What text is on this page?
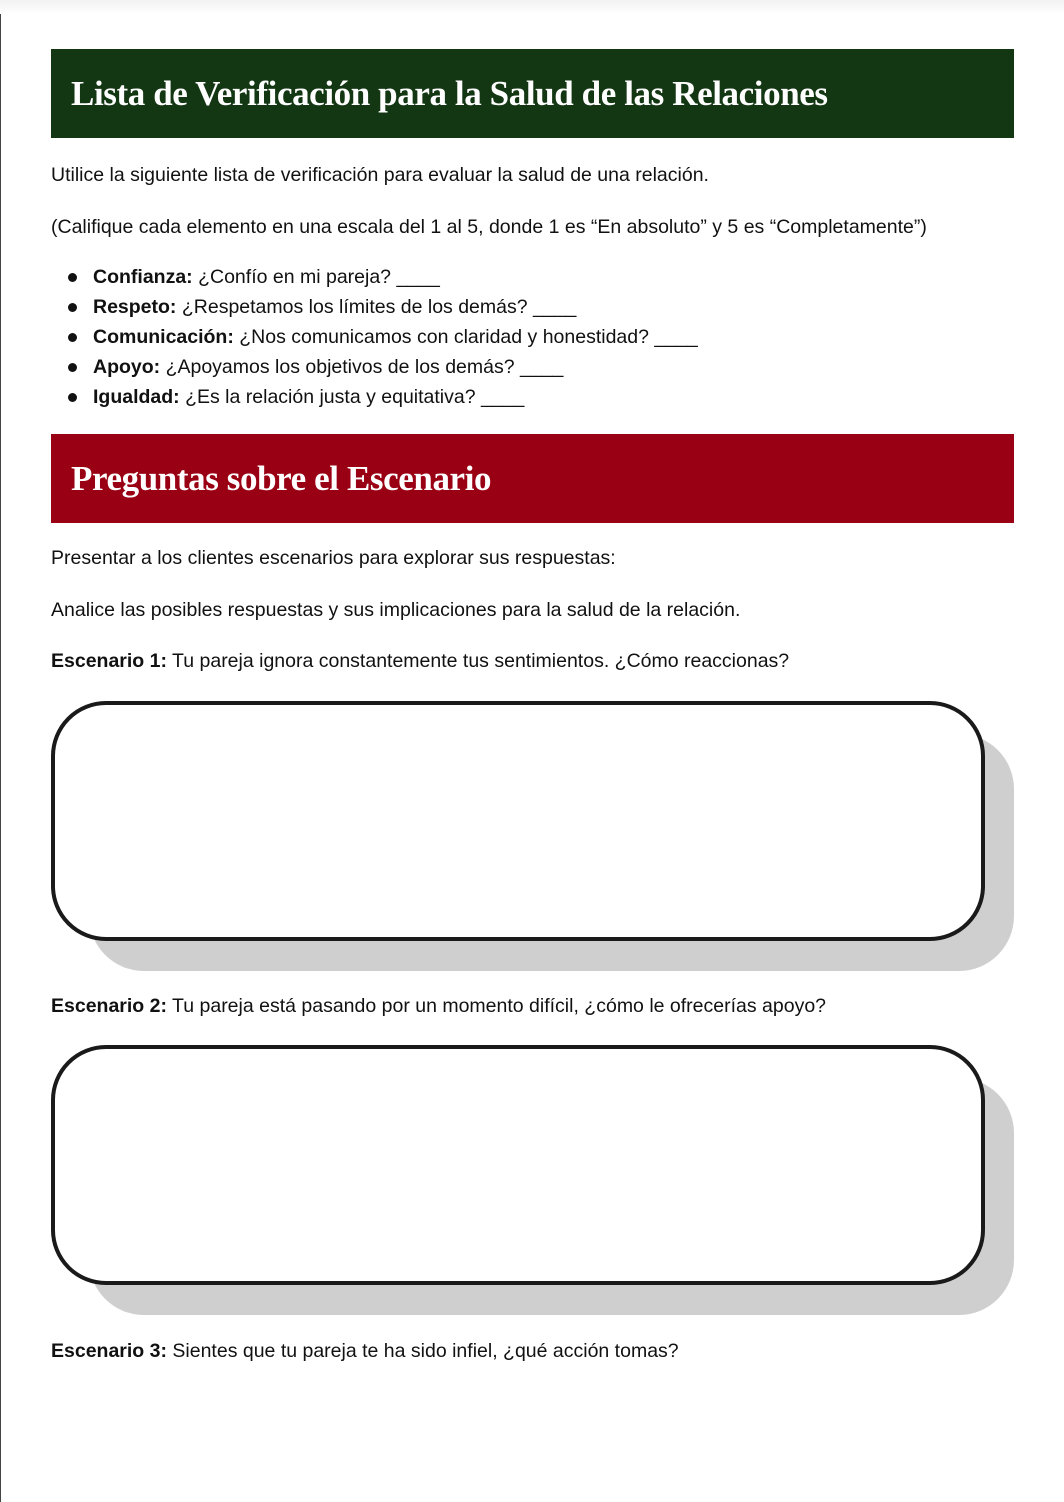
Lista de Verificación para la Salud de las Relaciones

Utilice la siguiente lista de verificación para evaluar la salud de una relación.

(Califique cada elemento en una escala del 1 al 5, donde 1 es “En absoluto” y 5 es “Completamente”)

Confianza: ¿Confío en mi pareja? ____
Respeto: ¿Respetamos los límites de los demás? ____
Comunicación: ¿Nos comunicamos con claridad y honestidad? ____
Apoyo: ¿Apoyamos los objetivos de los demás? ____
Igualdad: ¿Es la relación justa y equitativa? ____
Preguntas sobre el Escenario

Presentar a los clientes escenarios para explorar sus respuestas:

Analice las posibles respuestas y sus implicaciones para la salud de la relación.

Escenario 1: Tu pareja ignora constantemente tus sentimientos. ¿Cómo reaccionas?

Escenario 2: Tu pareja está pasando por un momento difícil, ¿cómo le ofrecerías apoyo?

Escenario 3: Sientes que tu pareja te ha sido infiel, ¿qué acción tomas?
